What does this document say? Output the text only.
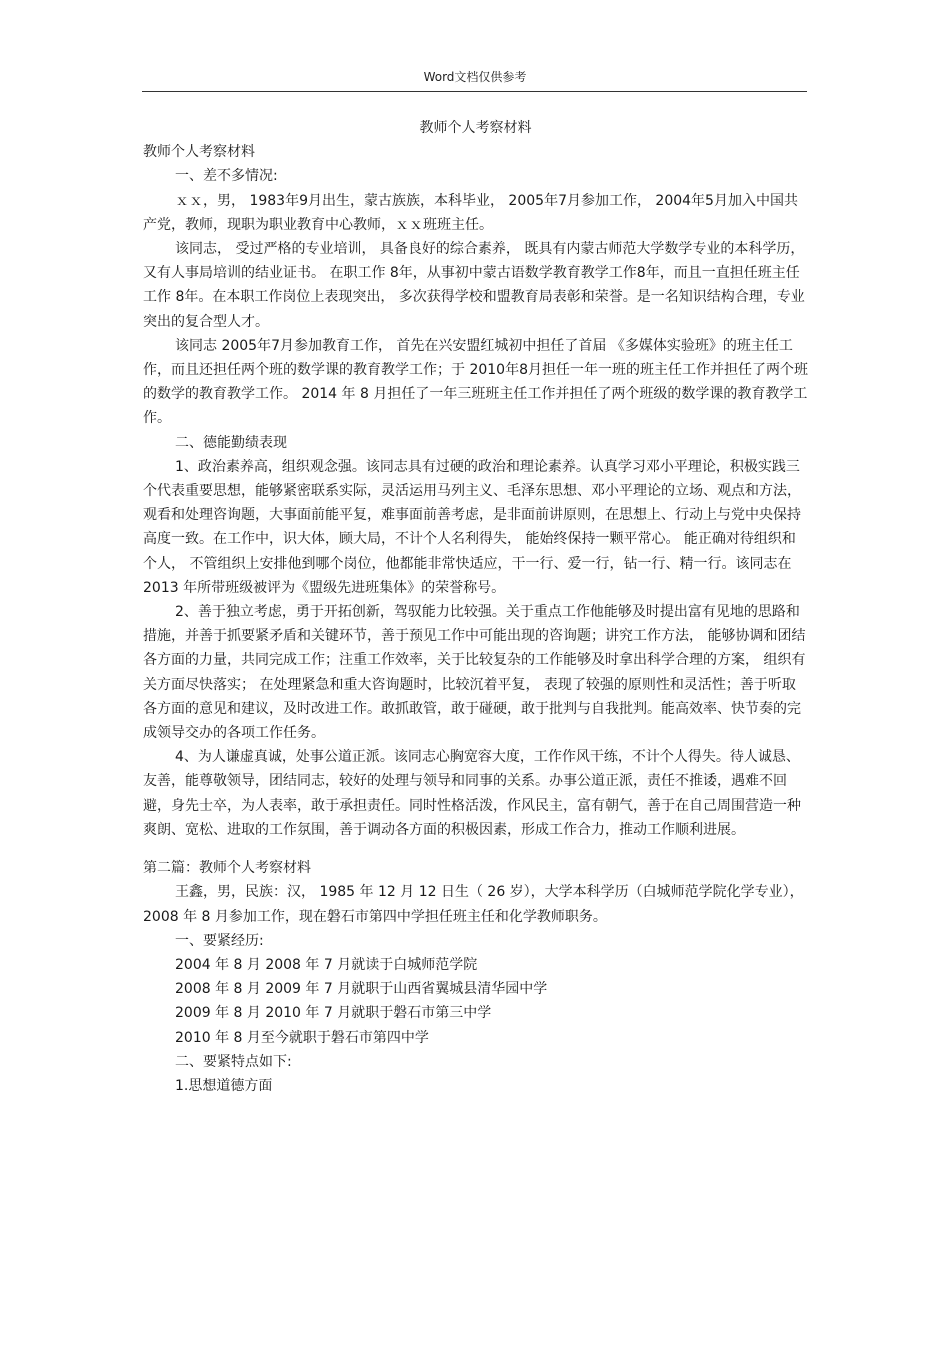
Word文档仅供参考

教师个人考察材料

教师个人考察材料

一、差不多情况:

ｘｘ，男， 1983年9月出生，蒙古族族，本科毕业， 2005年7月参加工作， 2004年5月加入中国共产党，教师，现职为职业教育中心教师，ｘｘ班班主任。

该同志， 受过严格的专业培训， 具备良好的综合素养， 既具有内蒙古师范大学数学专业的本科学历， 又有人事局培训的结业证书。 在职工作 8年，从事初中蒙古语数学教育教学工作8年，而且一直担任班主任工作 8年。在本职工作岗位上表现突出， 多次获得学校和盟教育局表彰和荣誉。是一名知识结构合理，专业突出的复合型人才。

该同志 2005年7月参加教育工作， 首先在兴安盟红城初中担任了首届 《多媒体实验班》的班主任工作，而且还担任两个班的数学课的教育教学工作；于 2010年8月担任一年一班的班主任工作并担任了两个班的数学的教育教学工作。 2014 年 8 月担任了一年三班班主任工作并担任了两个班级的数学课的教育教学工作。

二、德能勤绩表现

1、政治素养高，组织观念强。该同志具有过硬的政治和理论素养。认真学习邓小平理论，积极实践三个代表重要思想，能够紧密联系实际，灵活运用马列主义、毛泽东思想、邓小平理论的立场、观点和方法，观看和处理咨询题，大事面前能平复，难事面前善考虑，是非面前讲原则，在思想上、行动上与党中央保持高度一致。在工作中，识大体，顾大局，不计个人名利得失， 能始终保持一颗平常心。 能正确对待组织和个人， 不管组织上安排他到哪个岗位，他都能非常快适应，干一行、爱一行，钻一行、精一行。该同志在 2013 年所带班级被评为《盟级先进班集体》的荣誉称号。

2、善于独立考虑，勇于开拓创新，驾驭能力比较强。关于重点工作他能够及时提出富有见地的思路和措施，并善于抓要紧矛盾和关键环节，善于预见工作中可能出现的咨询题；讲究工作方法， 能够协调和团结各方面的力量，共同完成工作；注重工作效率，关于比较复杂的工作能够及时拿出科学合理的方案， 组织有关方面尽快落实； 在处理紧急和重大咨询题时，比较沉着平复， 表现了较强的原则性和灵活性；善于听取各方面的意见和建议，及时改进工作。敢抓敢管，敢于碰硬，敢于批判与自我批判。能高效率、快节奏的完成领导交办的各项工作任务。

4、为人谦虚真诚，处事公道正派。该同志心胸宽容大度，工作作风干练，不计个人得失。待人诚恳、友善，能尊敬领导，团结同志，较好的处理与领导和同事的关系。办事公道正派，责任不推诿，遇难不回避，身先士卒，为人表率，敢于承担责任。同时性格活泼，作风民主，富有朝气，善于在自己周围营造一种爽朗、宽松、进取的工作氛围，善于调动各方面的积极因素，形成工作合力，推动工作顺利进展。

第二篇：教师个人考察材料

王鑫，男，民族：汉， 1985 年 12 月 12 日生（ 26 岁），大学本科学历（白城师范学院化学专业）， 2008 年 8 月参加工作，现在磐石市第四中学担任班主任和化学教师职务。

一、要紧经历:

2004 年 8 月 2008 年 7 月就读于白城师范学院

2008 年 8 月 2009 年 7 月就职于山西省翼城县清华园中学

2009 年 8 月 2010 年 7 月就职于磐石市第三中学

2010 年 8 月至今就职于磐石市第四中学

二、要紧特点如下:

1.思想道德方面
